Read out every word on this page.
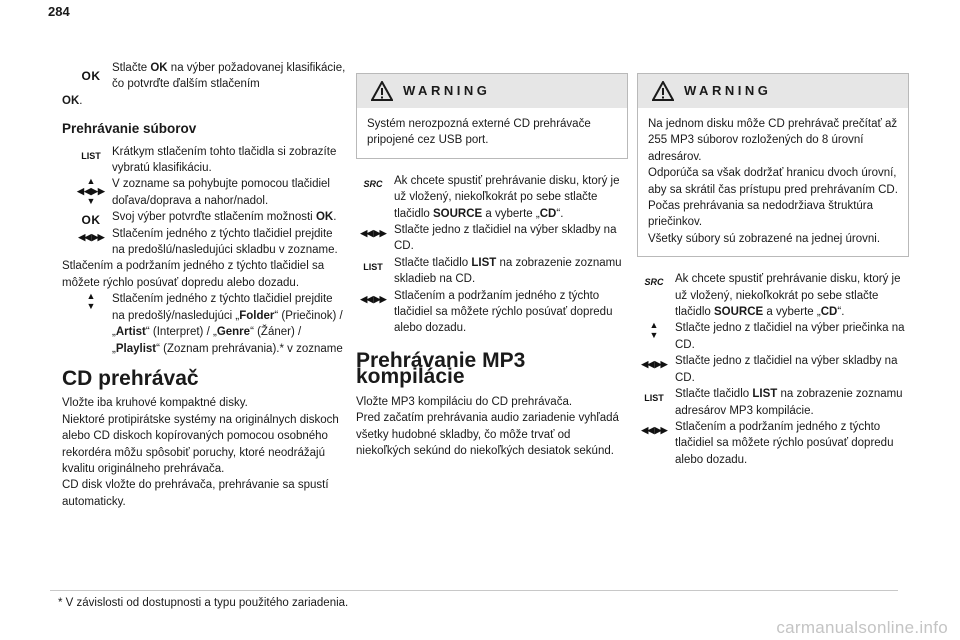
284

OK
Stlačte OK na výber požadovanej klasifikácie, čo potvrďte ďalším stlačením

OK.

Prehrávanie súborov

LIST Krátkym stlačením tohto tlačidla si zobrazíte vybratú klasifikáciu.

▲
◀◀▶▶
▼
V zozname sa pohybujte pomocou tlačidiel doľava/doprava a nahor/nadol.

OK	Svoj výber potvrďte stlačením možnosti OK.

◀◀ ▶▶ Stlačením jedného z týchto tlačidiel prejdite na predošlú/nasledujúci skladbu v zozname.

Stlačením a podržaním jedného z týchto tlačidiel sa môžete rýchlo posúvať dopredu alebo dozadu.

▲
▼
Stlačením jedného z týchto tlačidiel prejdite na predošlý/nasledujúci „Folder“ (Priečinok) / „Artist“ (Interpret) / „Genre“ (Žáner) / „Playlist“ (Zoznam prehrávania).* v zozname

CD prehrávač

Vložte iba kruhové kompaktné disky.
Niektoré protipirátske systémy na originálnych diskoch alebo CD diskoch kopírovaných pomocou osobného rekordéra môžu spôsobiť poruchy, ktoré neodrážajú kvalitu originálneho prehrávača.
CD disk vložte do prehrávača, prehrávanie sa spustí automaticky.

WARNING
Systém nerozpozná externé CD prehrávače pripojené cez USB port.

SRC	Ak chcete spustiť prehrávanie disku, ktorý je už vložený, niekoľkokrát po sebe stlačte tlačidlo SOURCE a vyberte „CD“.

◀◀ ▶▶ Stlačte jedno z tlačidiel na výber skladby na CD.

LIST Stlačte tlačidlo LIST na zobrazenie zoznamu skladieb na CD.

◀◀ ▶▶ Stlačením a podržaním jedného z týchto tlačidiel sa môžete rýchlo posúvať dopredu alebo dozadu.

Prehrávanie MP3 kompilácie

Vložte MP3 kompiláciu do CD prehrávača.
Pred začatím prehrávania audio zariadenie vyhľadá všetky hudobné skladby, čo môže trvať od niekoľkých sekúnd do niekoľkých desiatok sekúnd.

WARNING
Na jednom disku môže CD prehrávač prečítať až 255 MP3 súborov rozložených do 8 úrovní adresárov.
Odporúča sa však dodržať hranicu dvoch úrovní, aby sa skrátil čas prístupu pred prehrávaním CD.
Počas prehrávania sa nedodržiava štruktúra priečinkov.
Všetky súbory sú zobrazené na jednej úrovni.

SRC	Ak chcete spustiť prehrávanie disku, ktorý je už vložený, niekoľkokrát po sebe stlačte tlačidlo SOURCE a vyberte „CD“.

▲
▼
Stlačte jedno z tlačidiel na výber priečinka na CD.

◀◀ ▶▶ Stlačte jedno z tlačidiel na výber skladby na CD.

LIST Stlačte tlačidlo LIST na zobrazenie zoznamu adresárov MP3 kompilácie.

◀◀ ▶▶ Stlačením a podržaním jedného z týchto tlačidiel sa môžete rýchlo posúvať dopredu alebo dozadu.

* V závislosti od dostupnosti a typu použitého zariadenia.
carmanualsonline.info
